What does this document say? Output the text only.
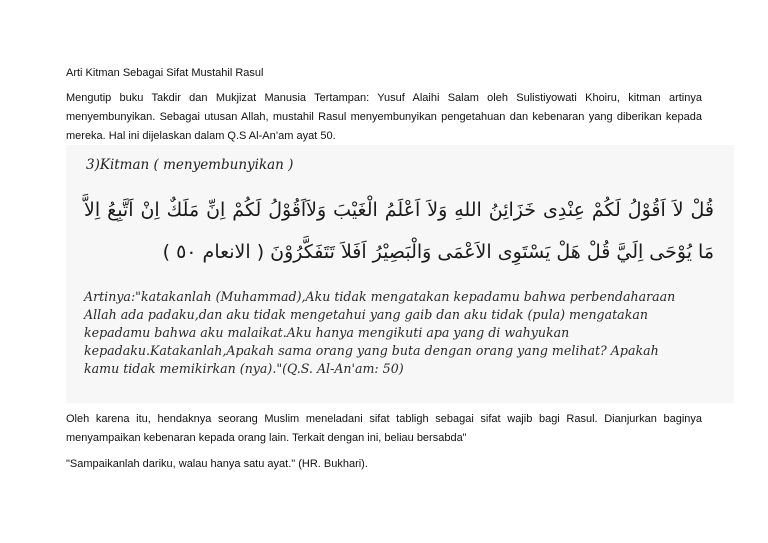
Arti Kitman Sebagai Sifat Mustahil Rasul
Mengutip buku Takdir dan Mukjizat Manusia Tertampan: Yusuf Alaihi Salam oleh Sulistiyowati Khoiru, kitman artinya menyembunyikan. Sebagai utusan Allah, mustahil Rasul menyembunyikan pengetahuan dan kebenaran yang diberikan kepada mereka. Hal ini dijelaskan dalam Q.S Al-An’am ayat 50.
3)Kitman ( menyembunyikan )
قُلْ لاَ اَقُوْلُ لَكُمْ عِنْدِى خَزَائِنُ اللهِ وَلاَ اَعْلَمُ الْغَيْبَ وَلاَاَقُوْلُ لَكُمْ اِنِّ مَلَكٌ اِنْ اَتَّبِعُ اِلاَّ مَا يُوْحَى اِلَيَّ قُلْ هَلْ يَسْتَوِى الاَعْمَى وَالْبَصِيْرُ اَفَلاَ تَتَفَكَّرُوْنَ ( الانعام ٥٠ )
Artinya:"katakanlah (Muhammad),Aku tidak mengatakan kepadamu bahwa perbendaharaan Allah ada padaku,dan aku tidak mengetahui yang gaib dan aku tidak (pula) mengatakan kepadamu bahwa aku malaikat.Aku hanya mengikuti apa yang di wahyukan kepadaku.Katakanlah,Apakah sama orang yang buta dengan orang yang melihat? Apakah kamu tidak memikirkan (nya)."(Q.S. Al-An'am: 50)
Oleh karena itu, hendaknya seorang Muslim meneladani sifat tabligh sebagai sifat wajib bagi Rasul. Dianjurkan baginya menyampaikan kebenaran kepada orang lain. Terkait dengan ini, beliau bersabda"
"Sampaikanlah dariku, walau hanya satu ayat." (HR. Bukhari).
